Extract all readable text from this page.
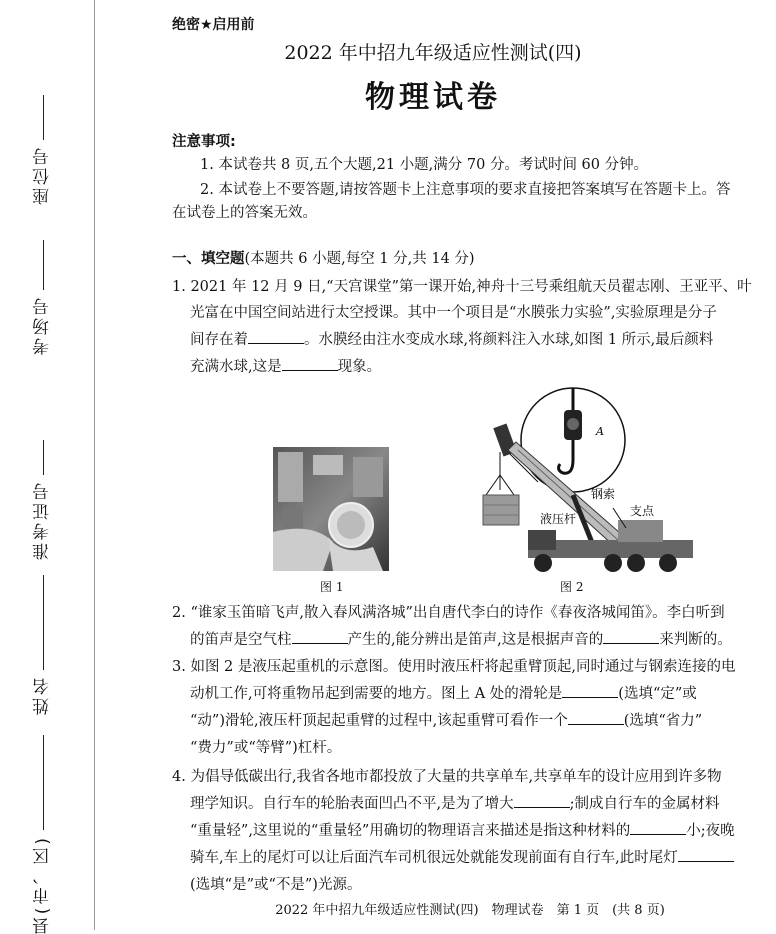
座位号
考场号
准考证号
姓名
县(市、区)
绝密★启用前
2022 年中招九年级适应性测试(四)
物理试卷
注意事项:
1. 本试卷共 8 页,五个大题,21 小题,满分 70 分。考试时间 60 分钟。
2. 本试卷上不要答题,请按答题卡上注意事项的要求直接把答案填写在答题卡上。答
在试卷上的答案无效。
一、填空题(本题共 6 小题,每空 1 分,共 14 分)
1. 2021 年 12 月 9 日,“天宫课堂”第一课开始,神舟十三号乘组航天员翟志刚、王亚平、叶
光富在中国空间站进行太空授课。其中一个项目是“水膜张力实验”,实验原理是分子
间存在着	。水膜经由注水变成水球,将颜料注入水球,如图 1 所示,最后颜料
充满水球,这是	现象。
图 1
A
钢索
支点
液压杆
图 2
2. “谁家玉笛暗飞声,散入春风满洛城”出自唐代李白的诗作《春夜洛城闻笛》。李白听到
的笛声是空气柱	产生的,能分辨出是笛声,这是根据声音的	来判断的。
3. 如图 2 是液压起重机的示意图。使用时液压杆将起重臂顶起,同时通过与钢索连接的电
动机工作,可将重物吊起到需要的地方。图上 A 处的滑轮是	(选填“定”或
“动”)滑轮,液压杆顶起起重臂的过程中,该起重臂可看作一个	(选填“省力”
“费力”或“等臂”)杠杆。
4. 为倡导低碳出行,我省各地市都投放了大量的共享单车,共享单车的设计应用到许多物
理学知识。自行车的轮胎表面凹凸不平,是为了增大	;制成自行车的金属材料
“重量轻”,这里说的“重量轻”用确切的物理语言来描述是指这种材料的	小;夜晚
骑车,车上的尾灯可以让后面汽车司机很远处就能发现前面有自行车,此时尾灯
(选填“是”或“不是”)光源。
2022 年中招九年级适应性测试(四)　物理试卷　第 1 页　(共 8 页)
